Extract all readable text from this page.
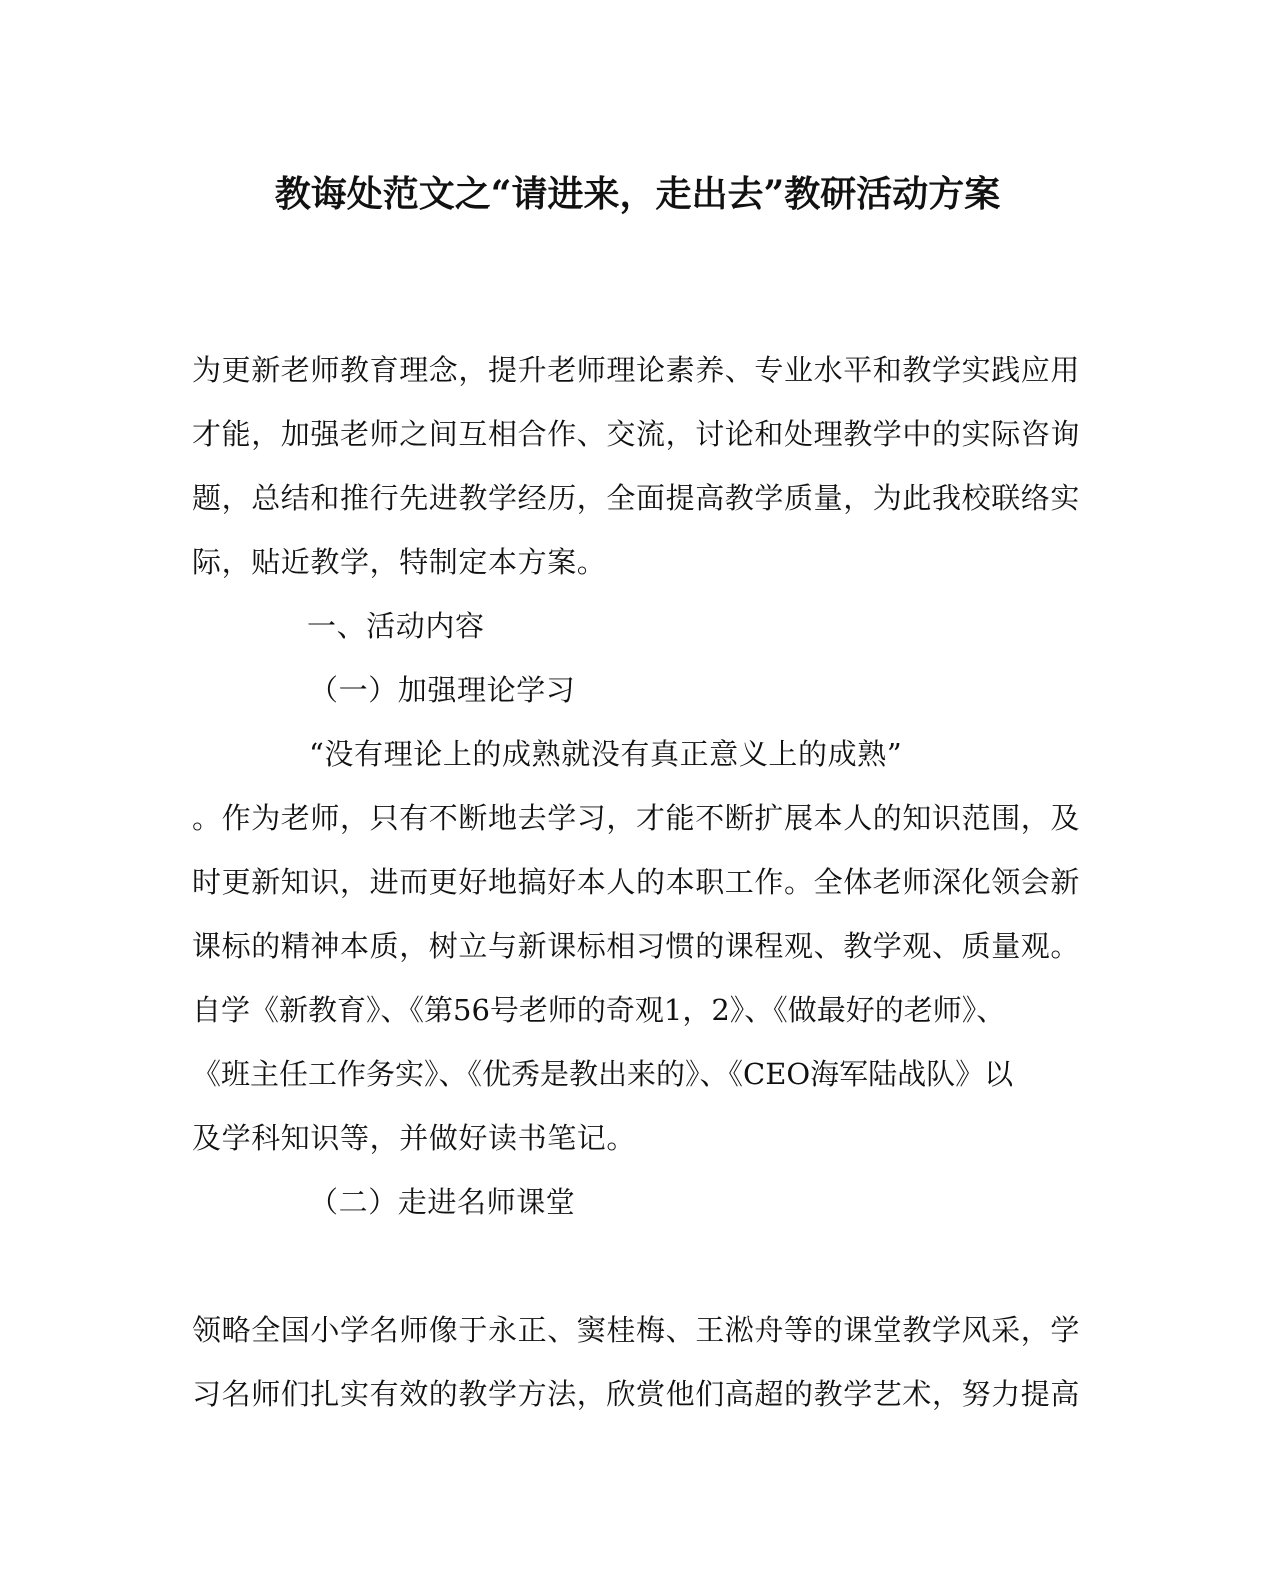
教诲处范文之“请进来，走出去”教研活动方案
为更新老师教育理念，提升老师理论素养、专业水平和教学实践应用
才能，加强老师之间互相合作、交流，讨论和处理教学中的实际咨询
题，总结和推行先进教学经历，全面提高教学质量，为此我校联络实
际，贴近教学，特制定本方案。
一、活动内容
（一）加强理论学习
“没有理论上的成熟就没有真正意义上的成熟”
。作为老师，只有不断地去学习，才能不断扩展本人的知识范围，及
时更新知识，进而更好地搞好本人的本职工作。全体老师深化领会新
课标的精神本质，树立与新课标相习惯的课程观、教学观、质量观。
自学《新教育》、《第56号老师的奇观1，2》、《做最好的老师》、
《班主任工作务实》、《优秀是教出来的》、《CEO海军陆战队》以
及学科知识等，并做好读书笔记。
（二）走进名师课堂
领略全国小学名师像于永正、窦桂梅、王淞舟等的课堂教学风采，学
习名师们扎实有效的教学方法，欣赏他们高超的教学艺术，努力提高
